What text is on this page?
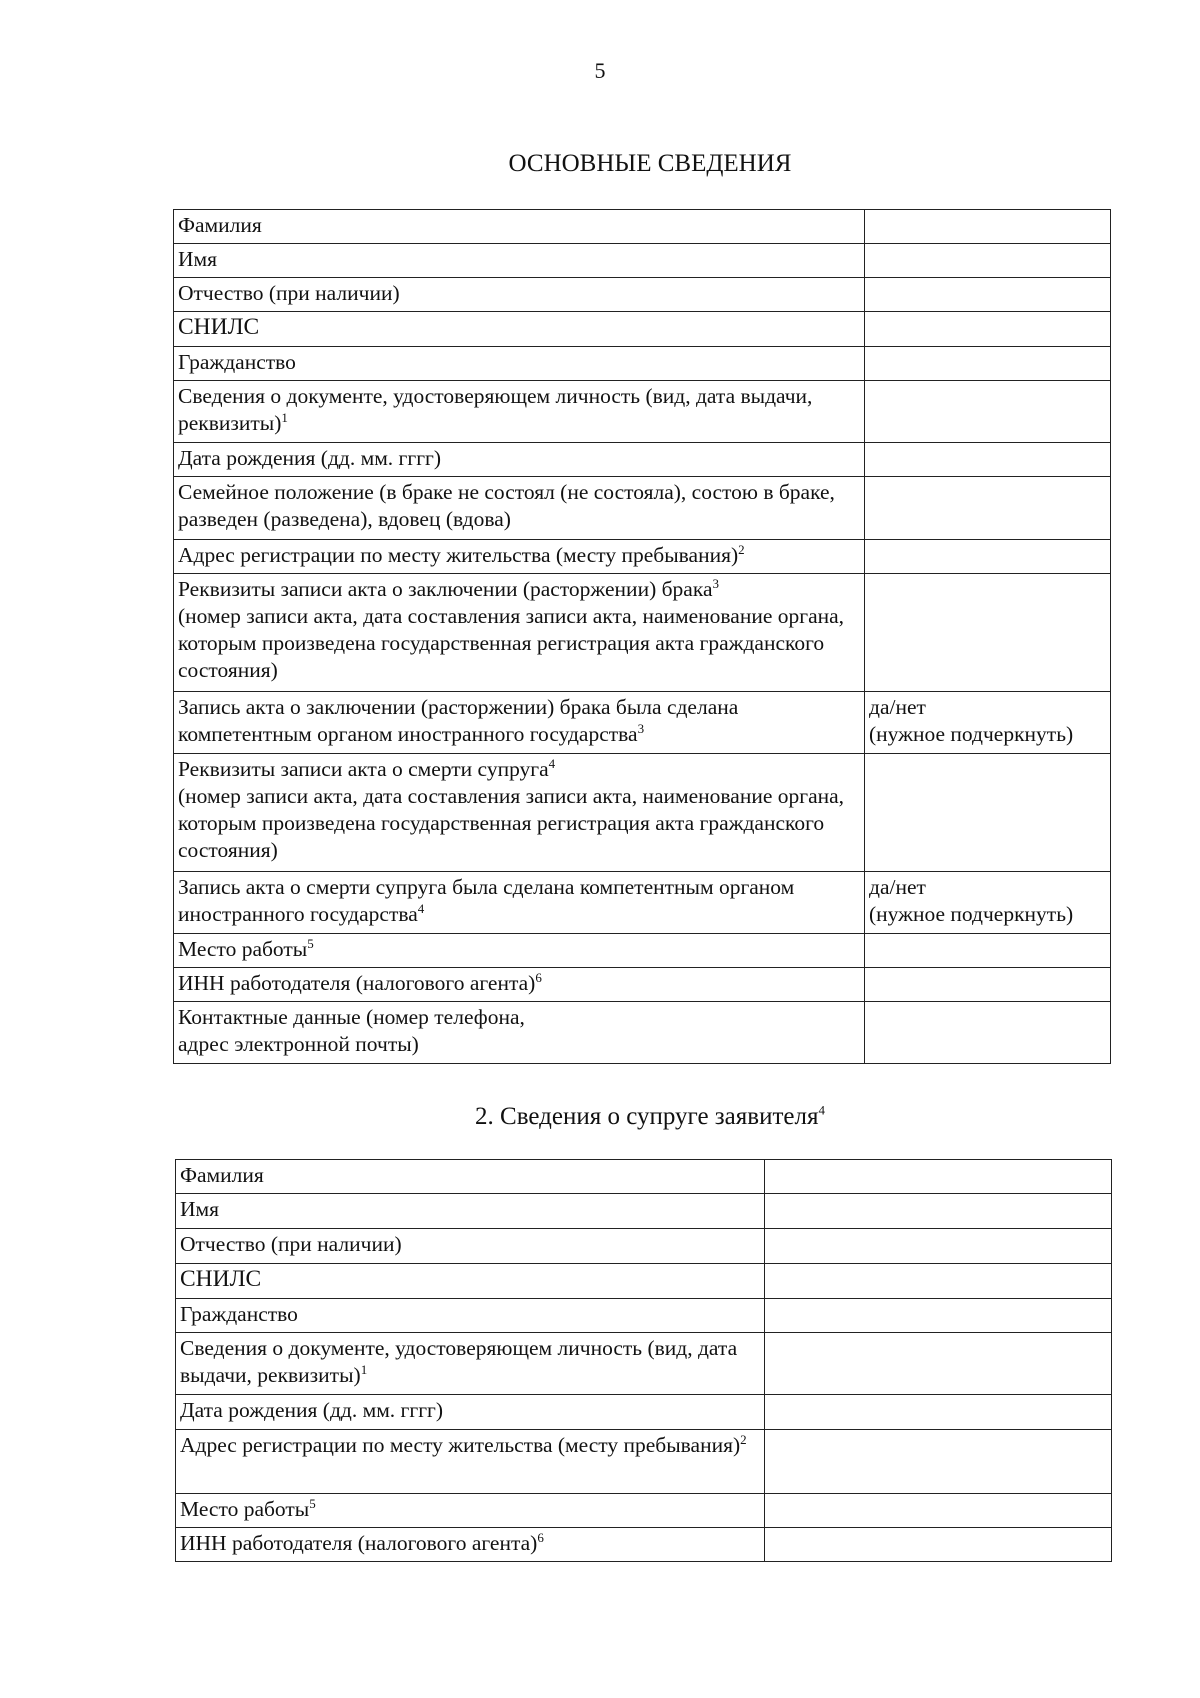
5
ОСНОВНЫЕ СВЕДЕНИЯ
Фамилия	
Имя	
Отчество (при наличии)	
СНИЛС	
Гражданство	
Сведения о документе, удостоверяющем личность (вид, дата выдачи, реквизиты)$^1$	
Дата рождения (дд. мм. гггг)	
Семейное положение (в браке не состоял (не состояла), состою в браке, разведен (разведена), вдовец (вдова)	
Адрес регистрации по месту жительства (месту пребывания)$^2$	
Реквизиты записи акта о заключении (расторжении) брака$^3$
(номер записи акта, дата составления записи акта, наименование органа, которым произведена государственная регистрация акта гражданского состояния)	
Запись акта о заключении (расторжении) брака была сделана компетентным органом иностранного государства$^3$	да/нет
(нужное подчеркнуть)
Реквизиты записи акта о смерти супруга$^4$
(номер записи акта, дата составления записи акта, наименование органа, которым произведена государственная регистрация акта гражданского состояния)	
Запись акта о смерти супруга была сделана компетентным органом иностранного государства$^4$	да/нет
(нужное подчеркнуть)
Место работы$^5$	
ИНН работодателя (налогового агента)$^6$	
Контактные данные (номер телефона,
адрес электронной почты)	
2. Сведения о супруге заявителя$^4$
Фамилия	
Имя	
Отчество (при наличии)	
СНИЛС	
Гражданство	
Сведения о документе, удостоверяющем личность (вид, дата выдачи, реквизиты)$^1$	
Дата рождения (дд. мм. гггг)	
Адрес регистрации по месту жительства (месту пребывания)$^2$	
Место работы$^5$	
ИНН работодателя (налогового агента)$^6$	
